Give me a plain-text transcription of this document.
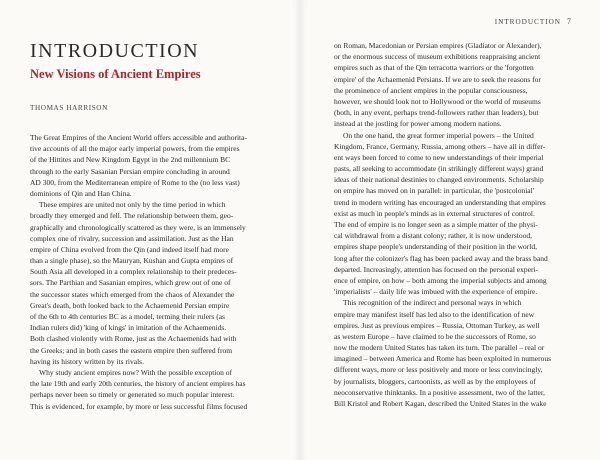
INTRODUCTION
New Visions of Ancient Empires
THOMAS HARRISON
The Great Empires of the Ancient World offers accessible and authorita-
tive accounts of all the major early imperial powers, from the empires
of the Hittites and New Kingdom Egypt in the 2nd millennium BC
through to the early Sasanian Persian empire concluding in around
AD 300, from the Mediterranean empire of Rome to the (no less vast)
dominions of Qin and Han China.
These empires are united not only by the time period in which
broadly they emerged and fell. The relationship between them, geo-
graphically and chronologically scattered as they were, is an immensely
complex one of rivalry, succession and assimilation. Just as the Han
empire of China evolved from the Qin (and indeed itself had more
than a single phase), so the Mauryan, Kushan and Gupta empires of
South Asia all developed in a complex relationship to their predeces-
sors. The Parthian and Sasanian empires, which grew out of one of
the successor states which emerged from the chaos of Alexander the
Great's death, both looked back to the Achaemenid Persian empire
of the 6th to 4th centuries BC as a model, terming their rulers (as
Indian rulers did) 'king of kings' in imitation of the Achaemenids.
Both clashed violently with Rome, just as the Achaemenids had with
the Greeks; and in both cases the eastern empire then suffered from
having its history written by its rivals.
Why study ancient empires now? With the possible exception of
the late 19th and early 20th centuries, the history of ancient empires has
perhaps never been so timely or generated so much popular interest.
This is evidenced, for example, by more or less successful films focused
INTRODUCTION 7
on Roman, Macedonian or Persian empires (Gladiator or Alexander),
or the enormous success of museum exhibitions reappraising ancient
empires such as that of the Qin terracotta warriors or the 'forgotten
empire' of the Achaemenid Persians. If we are to seek the reasons for
the prominence of ancient empires in the popular consciousness,
however, we should look not to Hollywood or the world of museums
(both, in any event, perhaps trend-followers rather than leaders), but
instead at the jostling for power among modern nations.
On the one hand, the great former imperial powers – the United
Kingdom, France, Germany, Russia, among others – have all in differ-
ent ways been forced to come to new understandings of their imperial
pasts, all seeking to accommodate (in strikingly different ways) grand
ideas of their national destinies to changed environments. Scholarship
on empire has moved on in parallel: in particular, the 'postcolonial'
trend in modern writing has encouraged an understanding that empires
exist as much in people's minds as in external structures of control.
The end of empire is no longer seen as a simple matter of the physi-
cal withdrawal from a distant colony; rather, it is now understood,
empires shape people's understanding of their position in the world,
long after the colonizer's flag has been packed away and the brass band
departed. Increasingly, attention has focused on the personal experi-
ence of empire, on how – both among the imperial subjects and among
'imperialists' – daily life was imbued with the experience of empire.
This recognition of the indirect and personal ways in which
empire may manifest itself has led also to the identification of new
empires. Just as previous empires – Russia, Ottoman Turkey, as well
as western Europe – have claimed to be the successors of Rome, so
now the modern United States has taken its turn. The parallel – real or
imagined – between America and Rome has been exploited in numerous
different ways, more or less positively and more or less convincingly,
by journalists, bloggers, cartoonists, as well as by the employees of
neoconservative thinktanks. In a positive assessment, two of the latter,
Bill Kristol and Robert Kagan, described the United States in the wake
